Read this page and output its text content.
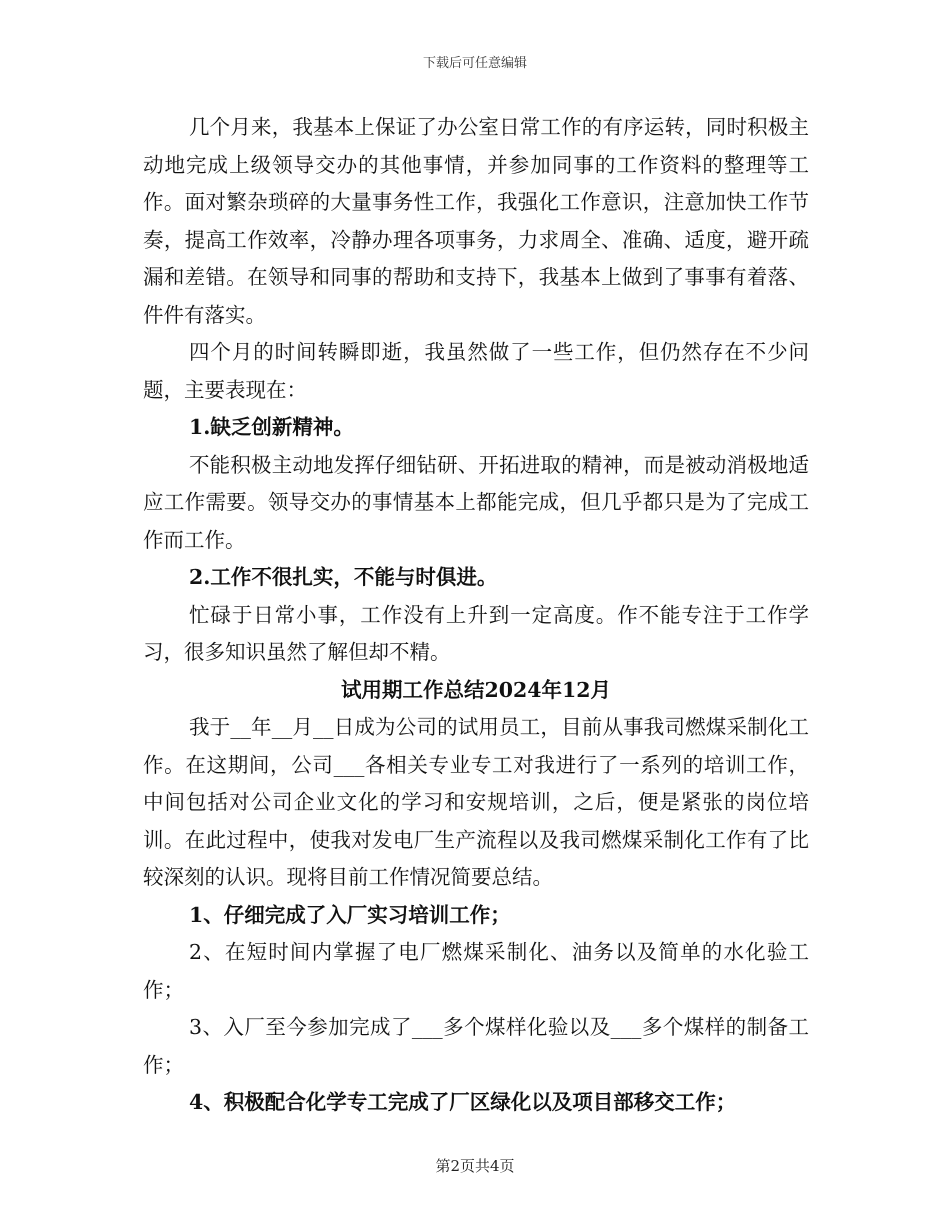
下载后可任意编辑

几个月来，我基本上保证了办公室日常工作的有序运转，同时积极主动地完成上级领导交办的其他事情，并参加同事的工作资料的整理等工作。面对繁杂琐碎的大量事务性工作，我强化工作意识，注意加快工作节奏，提高工作效率，冷静办理各项事务，力求周全、准确、适度，避开疏漏和差错。在领导和同事的帮助和支持下，我基本上做到了事事有着落、件件有落实。

四个月的时间转瞬即逝，我虽然做了一些工作，但仍然存在不少问题，主要表现在：

1.缺乏创新精神。

不能积极主动地发挥仔细钻研、开拓进取的精神，而是被动消极地适应工作需要。领导交办的事情基本上都能完成，但几乎都只是为了完成工作而工作。

2.工作不很扎实，不能与时俱进。

忙碌于日常小事，工作没有上升到一定高度。作不能专注于工作学习，很多知识虽然了解但却不精。

试用期工作总结2024年12月

我于__年__月__日成为公司的试用员工，目前从事我司燃煤采制化工作。在这期间，公司___各相关专业专工对我进行了一系列的培训工作，中间包括对公司企业文化的学习和安规培训，之后，便是紧张的岗位培训。在此过程中，使我对发电厂生产流程以及我司燃煤采制化工作有了比较深刻的认识。现将目前工作情况简要总结。

1、仔细完成了入厂实习培训工作；

2、在短时间内掌握了电厂燃煤采制化、油务以及简单的水化验工作；

3、入厂至今参加完成了___多个煤样化验以及___多个煤样的制备工作；

4、积极配合化学专工完成了厂区绿化以及项目部移交工作；

第2页共4页
